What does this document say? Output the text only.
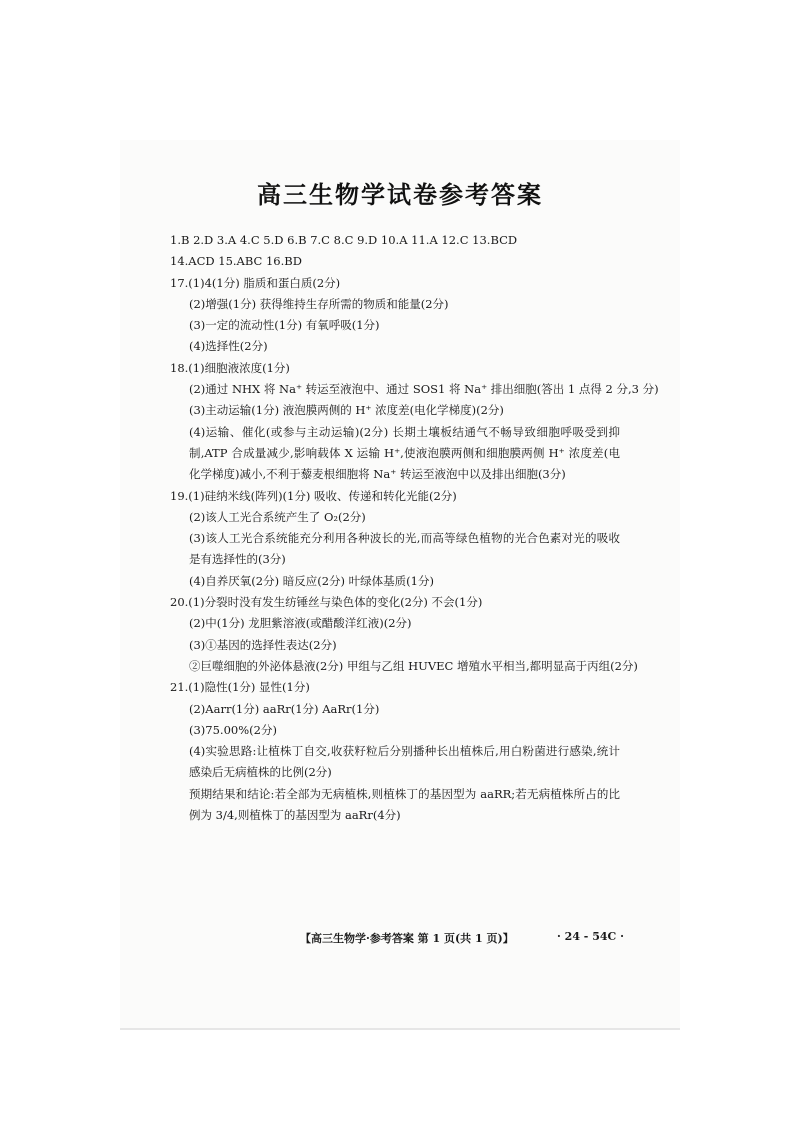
高三生物学试卷参考答案
1.B 2.D 3.A 4.C 5.D 6.B 7.C 8.C 9.D 10.A 11.A 12.C 13.BCD
14.ACD 15.ABC 16.BD
17.(1)4(1分) 脂质和蛋白质(2分)
(2)增强(1分) 获得维持生存所需的物质和能量(2分)
(3)一定的流动性(1分) 有氧呼吸(1分)
(4)选择性(2分)
18.(1)细胞液浓度(1分)
(2)通过 NHX 将 Na⁺ 转运至液泡中、通过 SOS1 将 Na⁺ 排出细胞(答出 1 点得 2 分,3 分)
(3)主动运输(1分) 液泡膜两侧的 H⁺ 浓度差(电化学梯度)(2分)
(4)运输、催化(或参与主动运输)(2分) 长期土壤板结通气不畅导致细胞呼吸受到抑制,ATP 合成量减少,影响载体 X 运输 H⁺,使液泡膜两侧和细胞膜两侧 H⁺ 浓度差(电化学梯度)减小,不利于藜麦根细胞将 Na⁺ 转运至液泡中以及排出细胞(3分)
19.(1)硅纳米线(阵列)(1分) 吸收、传递和转化光能(2分)
(2)该人工光合系统产生了 O₂(2分)
(3)该人工光合系统能充分利用各种波长的光,而高等绿色植物的光合色素对光的吸收是有选择性的(3分)
(4)自养厌氧(2分) 暗反应(2分) 叶绿体基质(1分)
20.(1)分裂时没有发生纺锤丝与染色体的变化(2分) 不会(1分)
(2)中(1分) 龙胆紫溶液(或醋酸洋红液)(2分)
(3)①基因的选择性表达(2分)
②巨噬细胞的外泌体悬液(2分) 甲组与乙组 HUVEC 增殖水平相当,都明显高于丙组(2分)
21.(1)隐性(1分) 显性(1分)
(2)Aarr(1分) aaRr(1分) AaRr(1分)
(3)75.00%(2分)
(4)实验思路:让植株丁自交,收获籽粒后分别播种长出植株后,用白粉菌进行感染,统计感染后无病植株的比例(2分)
预期结果和结论:若全部为无病植株,则植株丁的基因型为 aaRR;若无病植株所占的比例为 3/4,则植株丁的基因型为 aaRr(4分)
【高三生物学·参考答案 第 1 页(共 1 页)】	· 24 - 54C ·
